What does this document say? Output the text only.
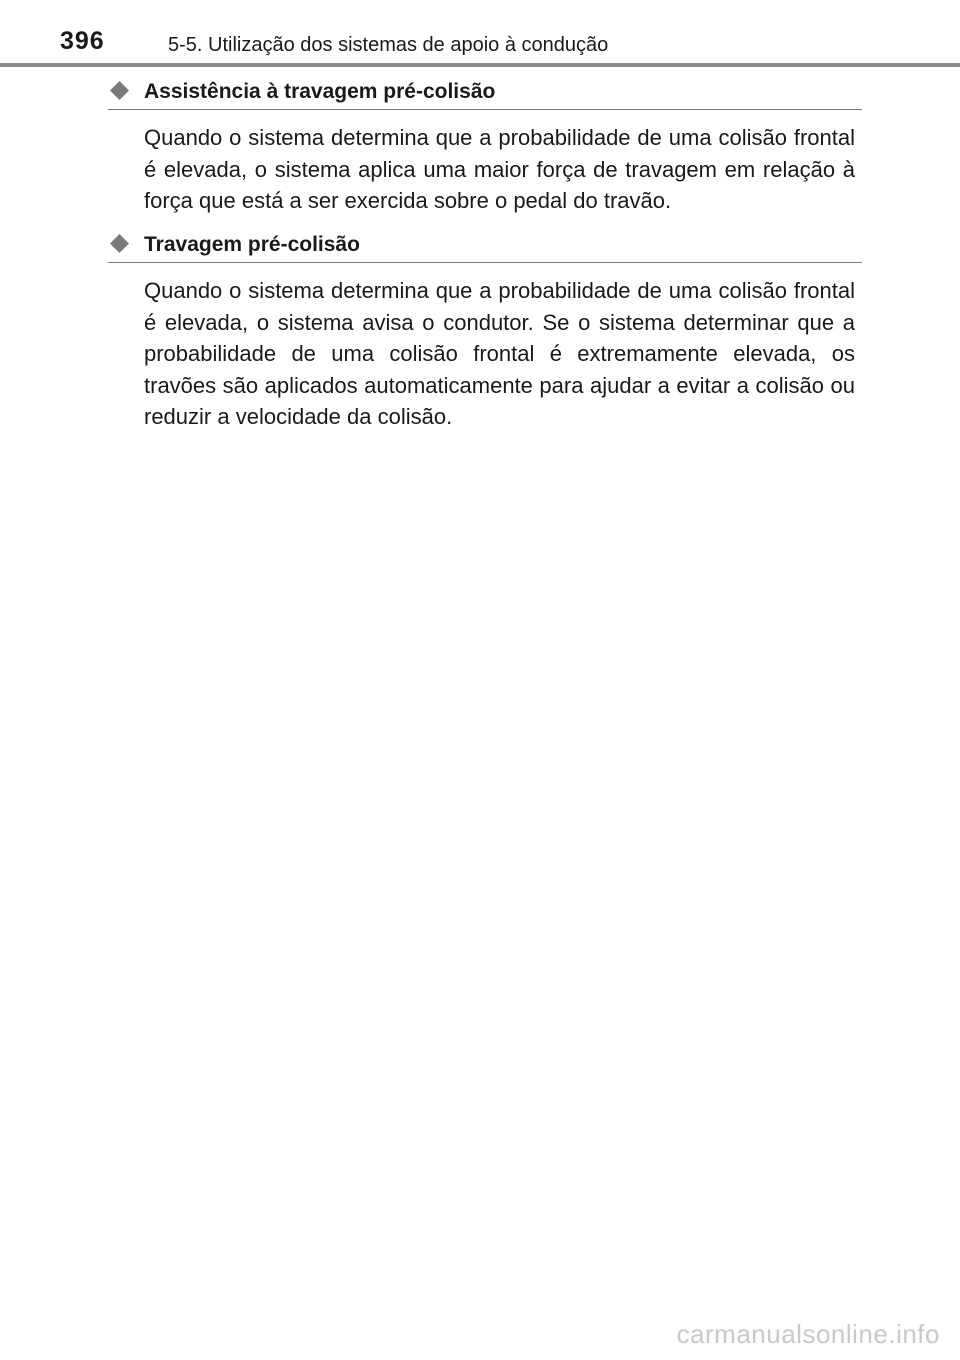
396	5-5. Utilização dos sistemas de apoio à condução
Assistência à travagem pré-colisão

Quando o sistema determina que a probabilidade de uma colisão frontal é elevada, o sistema aplica uma maior força de travagem em relação à força que está a ser exercida sobre o pedal do travão.

Travagem pré-colisão

Quando o sistema determina que a probabilidade de uma colisão frontal é elevada, o sistema avisa o condutor. Se o sistema determinar que a probabilidade de uma colisão frontal é extremamente elevada, os travões são aplicados automaticamente para ajudar a evitar a colisão ou reduzir a velocidade da colisão.

carmanualsonline.info
